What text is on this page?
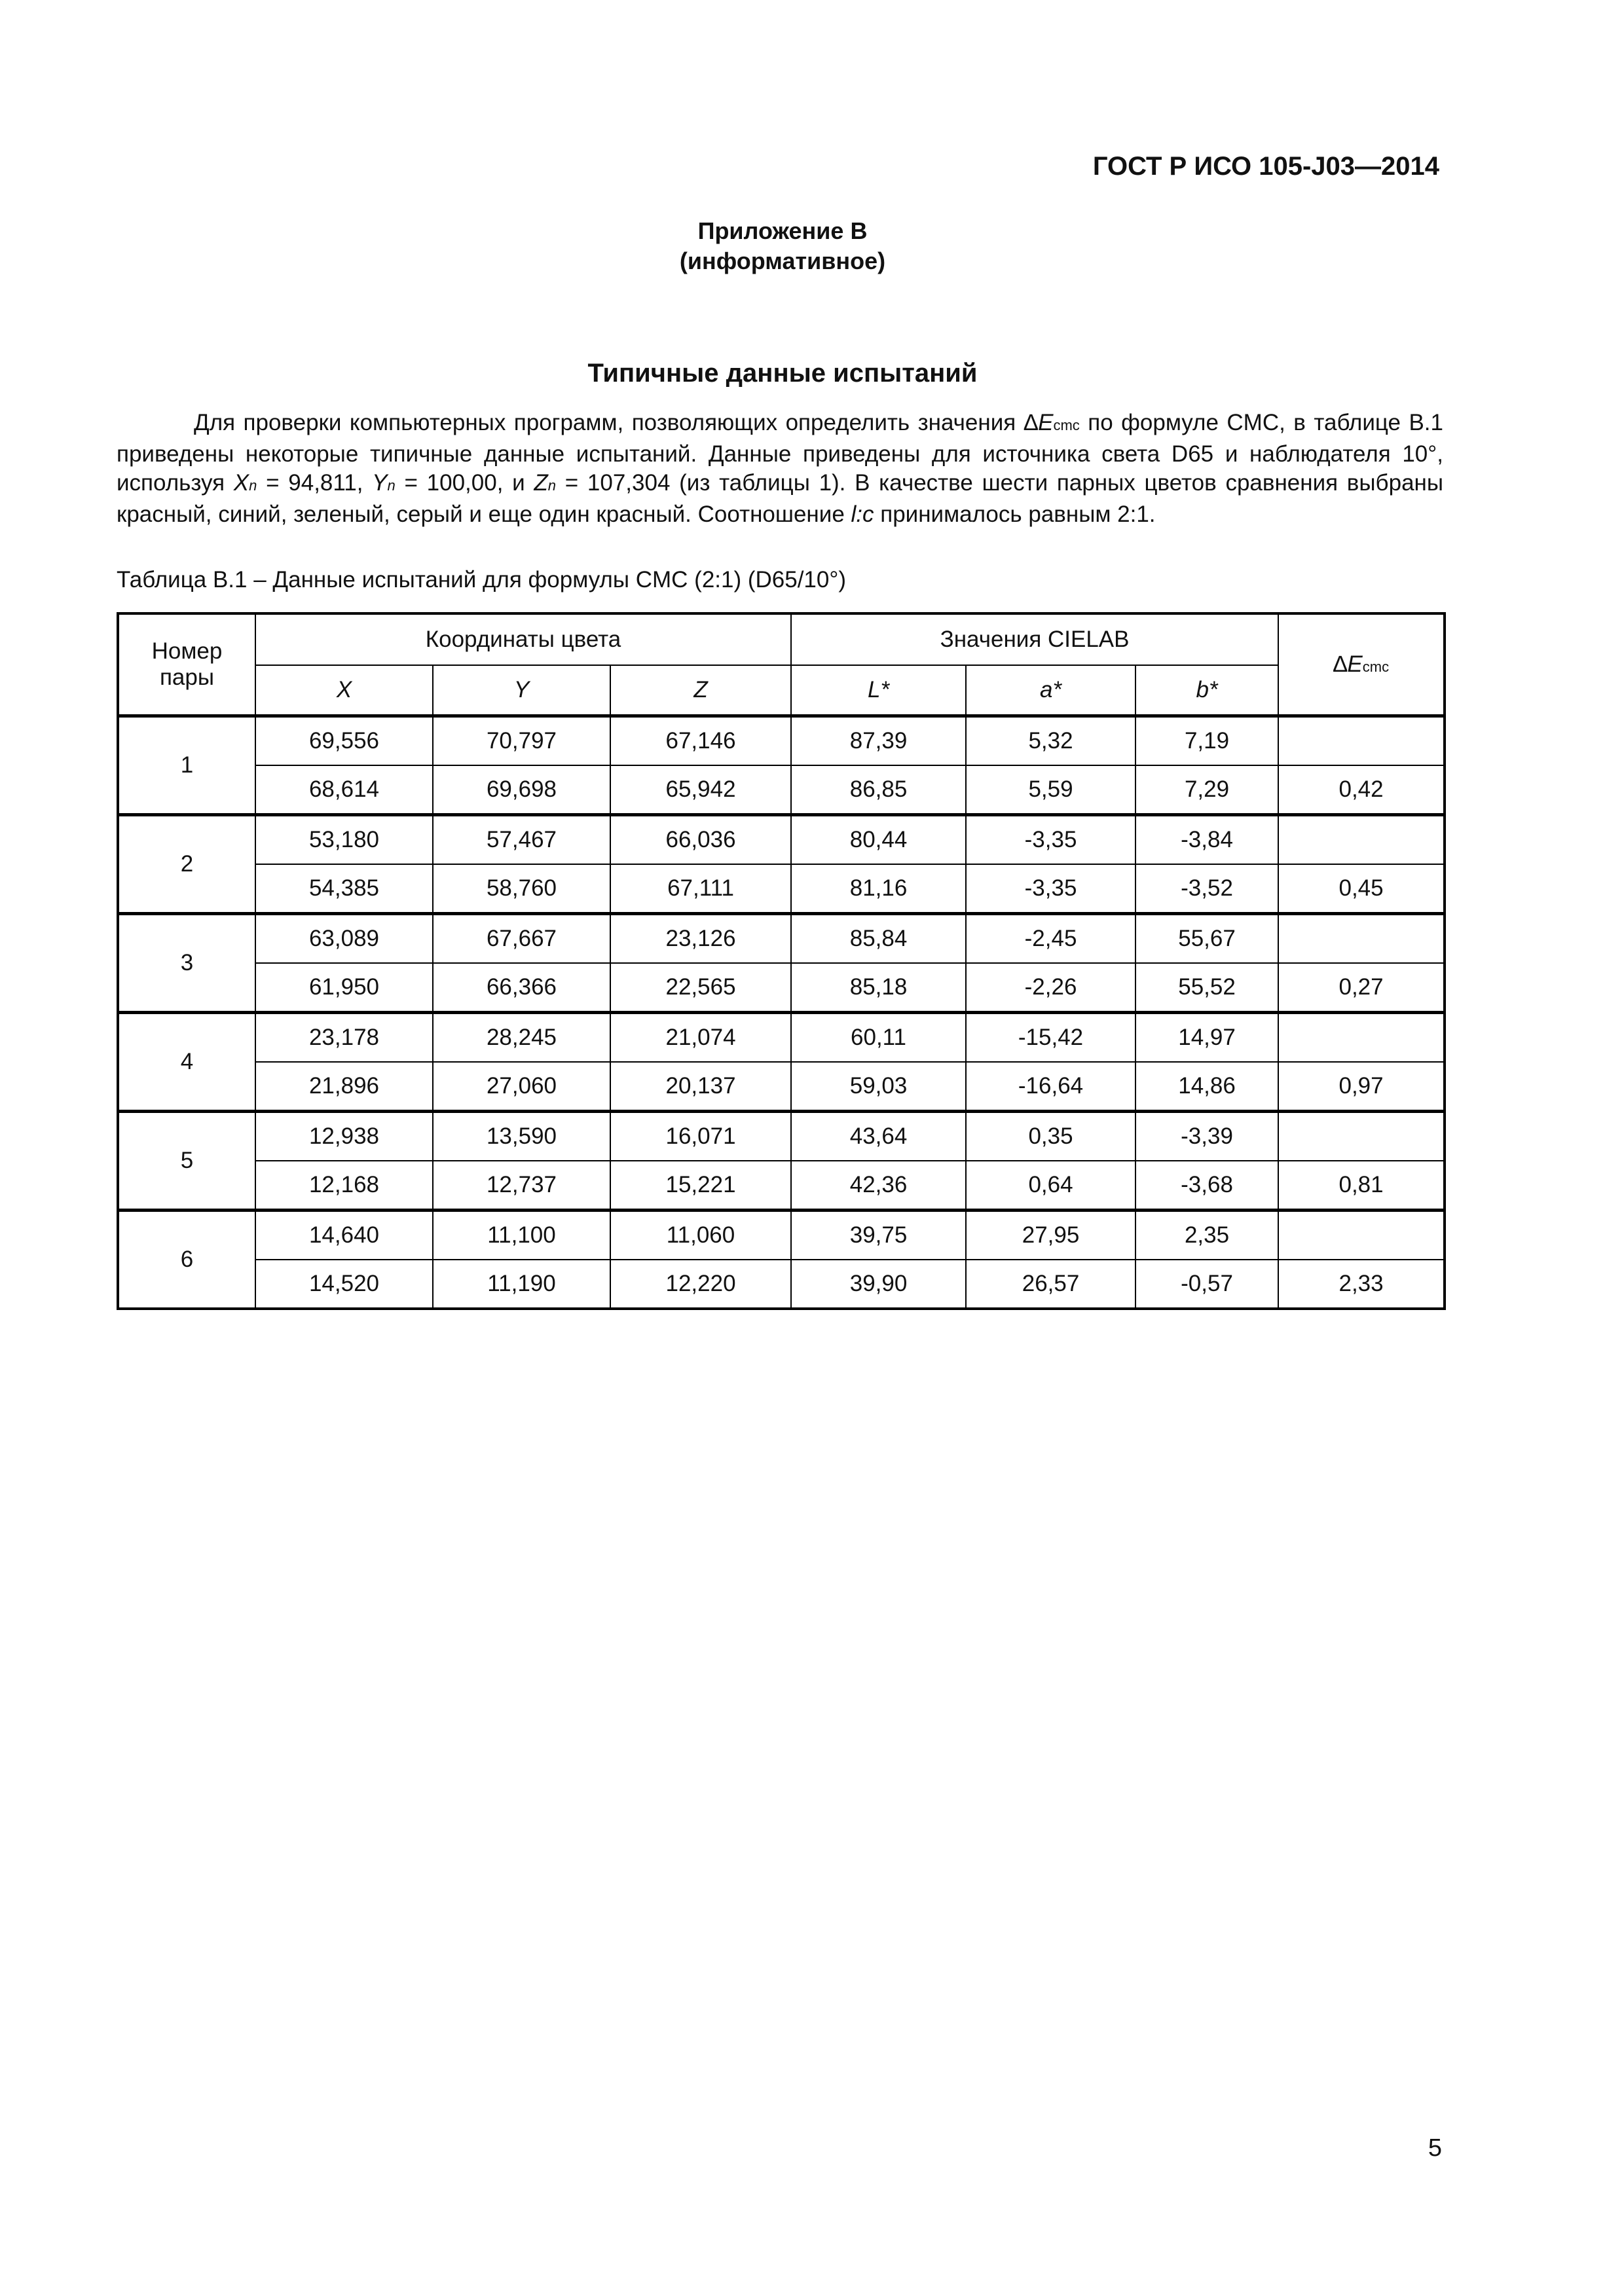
ГОСТ Р ИСО 105-J03—2014
Приложение В
(информативное)
Типичные данные испытаний
Для проверки компьютерных программ, позволяющих определить значения ∆Ecmc по формуле CMC, в таблице В.1 приведены некоторые типичные данные испытаний. Данные приведены для источника света D65 и наблюдателя 10°, используя Xn = 94,811, Yn = 100,00, и Zn = 107,304 (из таблицы 1). В качестве шести парных цветов сравнения выбраны красный, синий, зеленый, серый и еще один красный. Соотношение l:c принималось равным 2:1.
Таблица В.1 – Данные испытаний для формулы CMC (2:1) (D65/10°)
Номер
пары	Координаты цвета			Значения CIELAB			∆Ecmc
	X	Y	Z	L*	a*	b*	
1	69,556	70,797	67,146	87,39	5,32	7,19	
	68,614	69,698	65,942	86,85	5,59	7,29	0,42
2	53,180	57,467	66,036	80,44	-3,35	-3,84	
	54,385	58,760	67,111	81,16	-3,35	-3,52	0,45
3	63,089	67,667	23,126	85,84	-2,45	55,67	
	61,950	66,366	22,565	85,18	-2,26	55,52	0,27
4	23,178	28,245	21,074	60,11	-15,42	14,97	
	21,896	27,060	20,137	59,03	-16,64	14,86	0,97
5	12,938	13,590	16,071	43,64	0,35	-3,39	
	12,168	12,737	15,221	42,36	0,64	-3,68	0,81
6	14,640	11,100	11,060	39,75	27,95	2,35	
	14,520	11,190	12,220	39,90	26,57	-0,57	2,33
5
